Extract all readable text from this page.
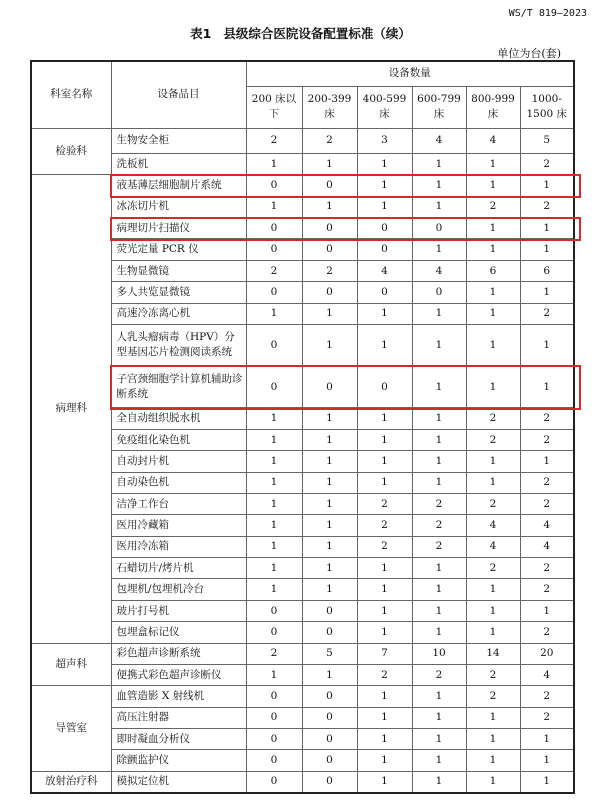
WS/T 819—2023
表1 县级综合医院设备配置标准（续）
单位为台(套)
科室名称	设备品目	设备数量					
		200 床以下	200-399 床	400-599 床	600-799 床	800-999 床	1000-1500 床
检验科	生物安全柜	2	2	3	4	4	5
	洗板机	1	1	1	1	1	2
病理科	液基薄层细胞制片系统	0	0	1	1	1	1
	冰冻切片机	1	1	1	1	2	2
	病理切片扫描仪	0	0	0	0	1	1
	荧光定量 PCR 仪	0	0	0	1	1	1
	生物显微镜	2	2	4	4	6	6
	多人共览显微镜	0	0	0	0	1	1
	高速冷冻离心机	1	1	1	1	1	2
	人乳头瘤病毒（HPV）分型基因芯片检测阅读系统	0	1	1	1	1	1
	子宫颈细胞学计算机辅助诊断系统	0	0	0	1	1	1
	全自动组织脱水机	1	1	1	1	2	2
	免疫组化染色机	1	1	1	1	2	2
	自动封片机	1	1	1	1	1	1
	自动染色机	1	1	1	1	1	2
	洁净工作台	1	1	2	2	2	2
	医用冷藏箱	1	1	2	2	4	4
	医用冷冻箱	1	1	2	2	4	4
	石蜡切片/烤片机	1	1	1	1	2	2
	包埋机/包埋机冷台	1	1	1	1	1	2
	玻片打号机	0	0	1	1	1	1
	包埋盒标记仪	0	0	1	1	1	2
超声科	彩色超声诊断系统	2	5	7	10	14	20
	便携式彩色超声诊断仪	1	1	2	2	2	4
导管室	血管造影 X 射线机	0	0	1	1	2	2
	高压注射器	0	0	1	1	1	2
	即时凝血分析仪	0	0	1	1	1	1
	除颤监护仪	0	0	1	1	1	1
放射治疗科	模拟定位机	0	0	1	1	1	1
